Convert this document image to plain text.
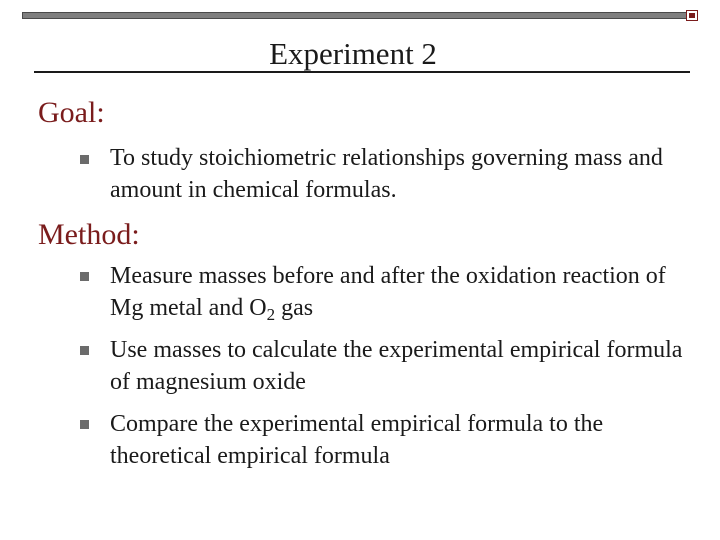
Experiment 2
Goal:
To study stoichiometric relationships governing mass and amount in chemical formulas.
Method:
Measure masses before and after the oxidation reaction of Mg metal and $O_2$ gas
Use masses to calculate the experimental empirical formula of magnesium oxide
Compare the experimental empirical formula to the theoretical empirical formula
